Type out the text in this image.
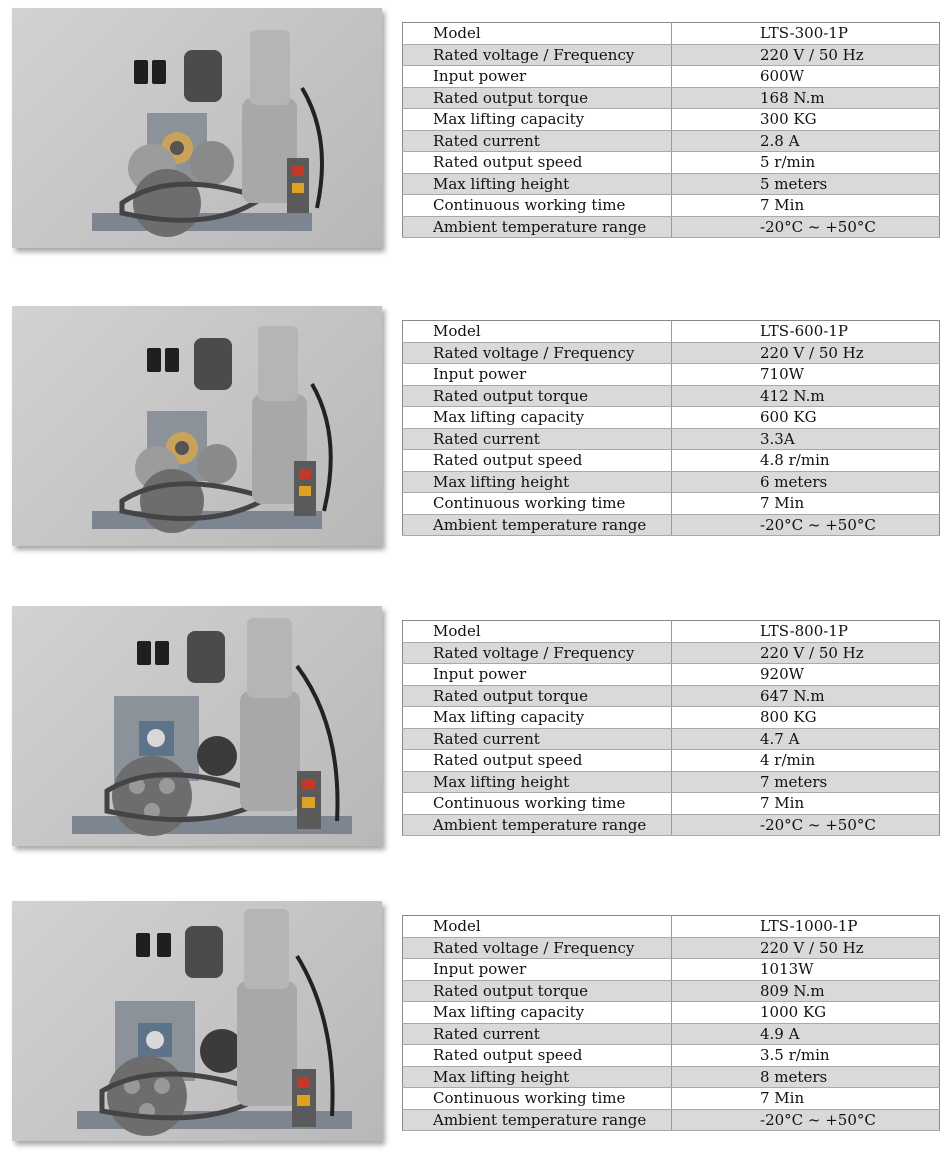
Model	LTS-300-1P
Rated voltage / Frequency	220 V / 50 Hz
Input power	600W
Rated output torque	168 N.m
Max lifting capacity	300 KG
Rated current	2.8 A
Rated output speed	5 r/min
Max lifting height	5 meters
Continuous working time	7 Min
Ambient temperature range	-20°C ~ +50°C
Model	LTS-600-1P
Rated voltage / Frequency	220 V / 50 Hz
Input power	710W
Rated output torque	412 N.m
Max lifting capacity	600 KG
Rated current	3.3A
Rated output speed	4.8 r/min
Max lifting height	6 meters
Continuous working time	7 Min
Ambient temperature range	-20°C ~ +50°C
Model	LTS-800-1P
Rated voltage / Frequency	220 V / 50 Hz
Input power	920W
Rated output torque	647 N.m
Max lifting capacity	800 KG
Rated current	4.7 A
Rated output speed	4 r/min
Max lifting height	7 meters
Continuous working time	7 Min
Ambient temperature range	-20°C ~ +50°C
Model	LTS-1000-1P
Rated voltage / Frequency	220 V / 50 Hz
Input power	1013W
Rated output torque	809 N.m
Max lifting capacity	1000 KG
Rated current	4.9 A
Rated output speed	3.5 r/min
Max lifting height	8 meters
Continuous working time	7 Min
Ambient temperature range	-20°C ~ +50°C
